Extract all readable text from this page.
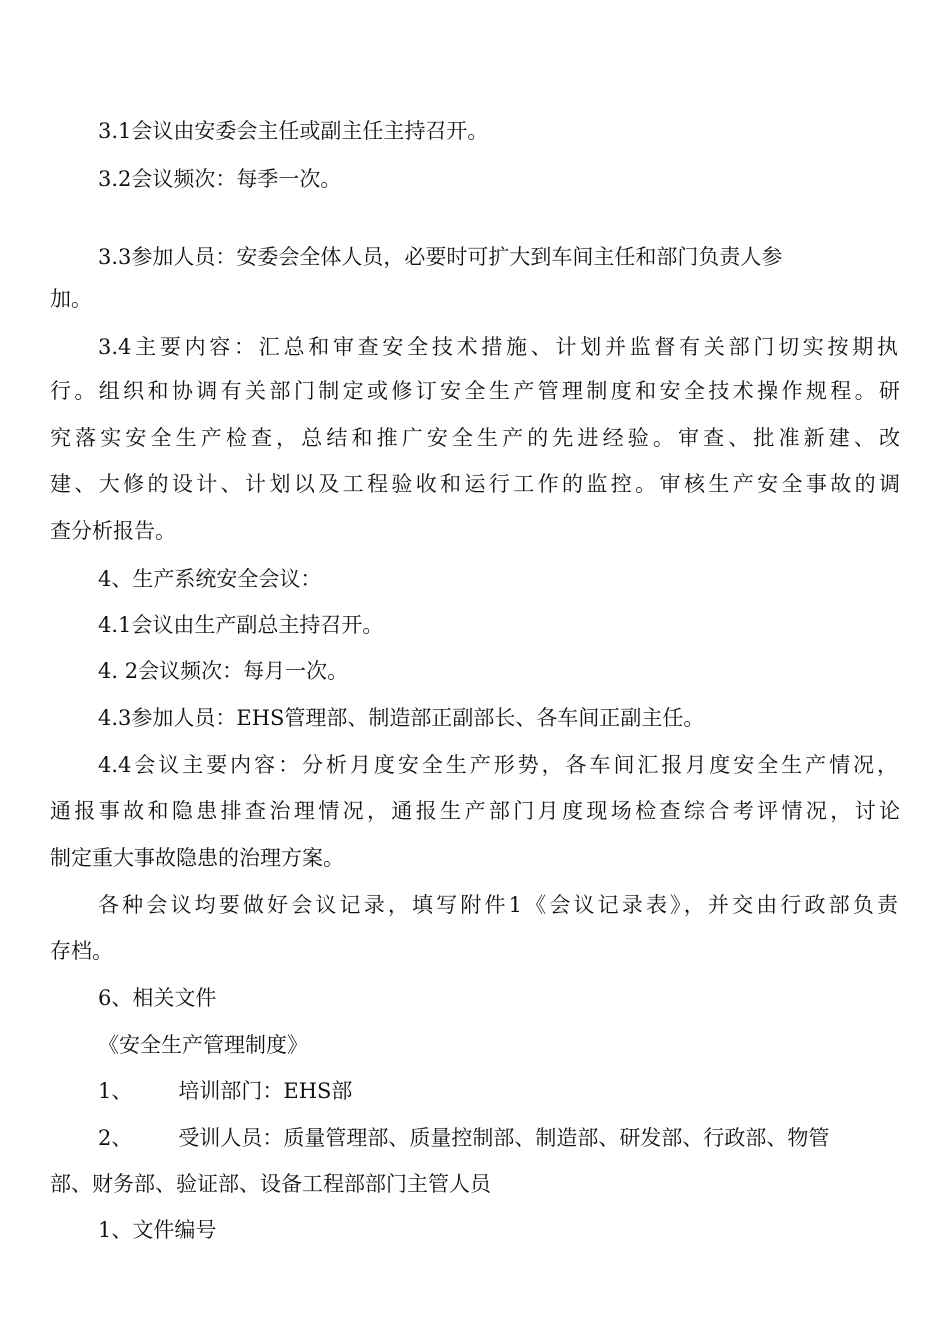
3.1会议由安委会主任或副主任主持召开。
3.2会议频次：每季一次。
3.3参加人员：安委会全体人员，必要时可扩大到车间主任和部门负责人参
加。
3.4主要内容：汇总和审查安全技术措施、计划并监督有关部门切实按期执
行。组织和协调有关部门制定或修订安全生产管理制度和安全技术操作规程。研
究落实安全生产检查，总结和推广安全生产的先进经验。审查、批准新建、改
建、大修的设计、计划以及工程验收和运行工作的监控。审核生产安全事故的调
查分析报告。
4、生产系统安全会议：
4.1会议由生产副总主持召开。
4. 2会议频次：每月一次。
4.3参加人员：EHS管理部、制造部正副部长、各车间正副主任。
4.4会议主要内容：分析月度安全生产形势，各车间汇报月度安全生产情况，
通报事故和隐患排查治理情况，通报生产部门月度现场检查综合考评情况，讨论
制定重大事故隐患的治理方案。
各种会议均要做好会议记录，填写附件1《会议记录表》，并交由行政部负责
存档。
6、相关文件
《安全生产管理制度》
1、 培训部门：EHS部
2、 受训人员：质量管理部、质量控制部、制造部、研发部、行政部、物管
部、财务部、验证部、设备工程部部门主管人员
1、文件编号
